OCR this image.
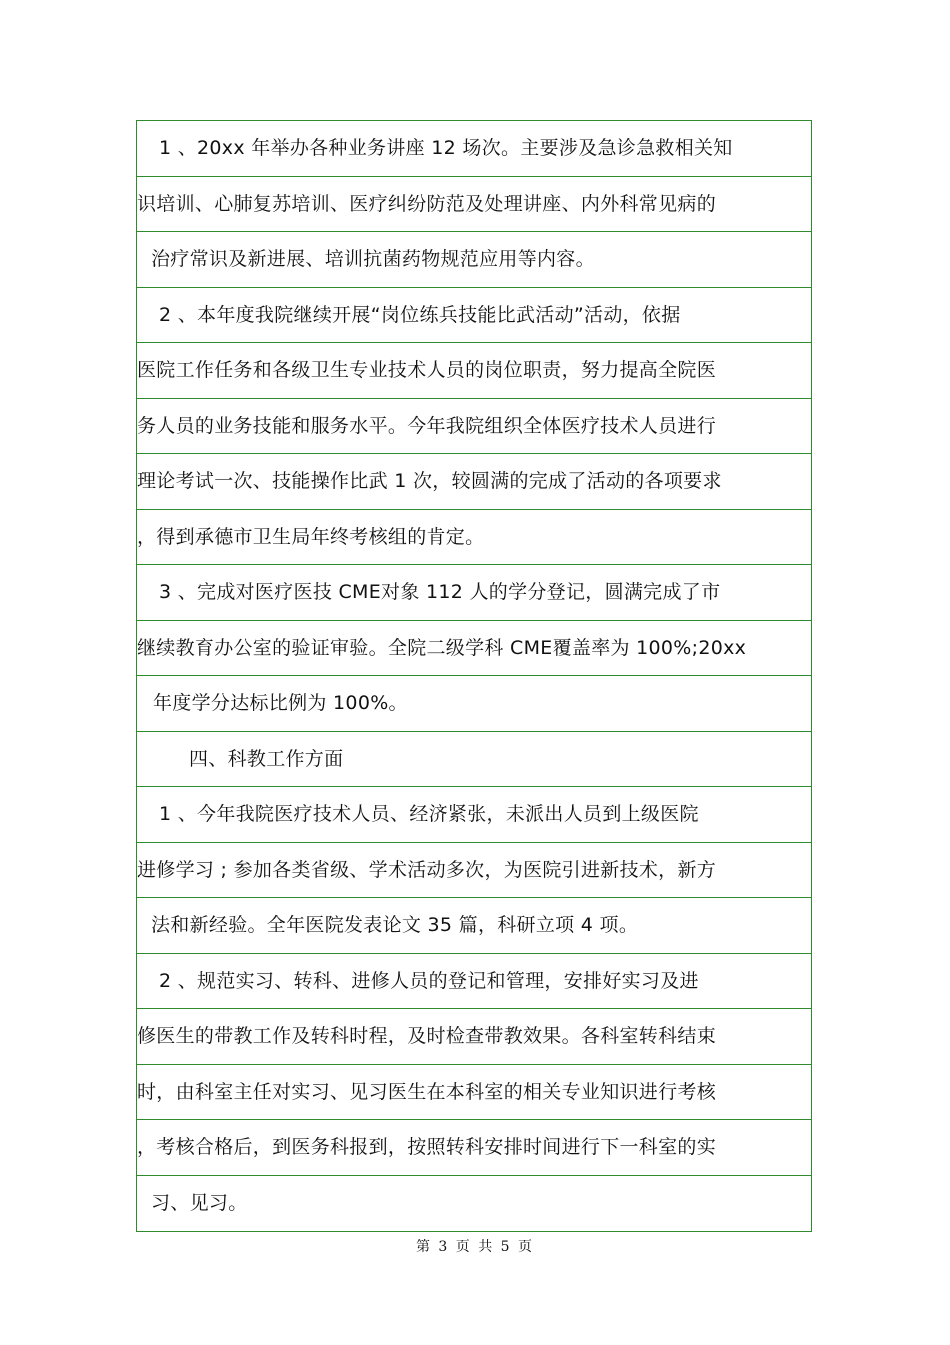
1 、20xx 年举办各种业务讲座 12 场次。主要涉及急诊急救相关知
识培训、心肺复苏培训、医疗纠纷防范及处理讲座、内外科常见病的
治疗常识及新进展、培训抗菌药物规范应用等内容。
2 、本年度我院继续开展“岗位练兵技能比武活动”活动，依据
医院工作任务和各级卫生专业技术人员的岗位职责，努力提高全院医
务人员的业务技能和服务水平。今年我院组织全体医疗技术人员进行
理论考试一次、技能操作比武 1 次，较圆满的完成了活动的各项要求
，得到承德市卫生局年终考核组的肯定。
3 、完成对医疗医技 CME对象 112 人的学分登记，圆满完成了市
继续教育办公室的验证审验。全院二级学科 CME覆盖率为 100%;20xx
年度学分达标比例为 100%。
四、科教工作方面
1 、今年我院医疗技术人员、经济紧张，未派出人员到上级医院
进修学习 ; 参加各类省级、学术活动多次，为医院引进新技术，新方
法和新经验。全年医院发表论文 35 篇，科研立项 4 项。
2 、规范实习、转科、进修人员的登记和管理，安排好实习及进
修医生的带教工作及转科时程，及时检查带教效果。各科室转科结束
时，由科室主任对实习、见习医生在本科室的相关专业知识进行考核
，考核合格后，到医务科报到，按照转科安排时间进行下一科室的实
习、见习。
第 3 页 共 5 页
